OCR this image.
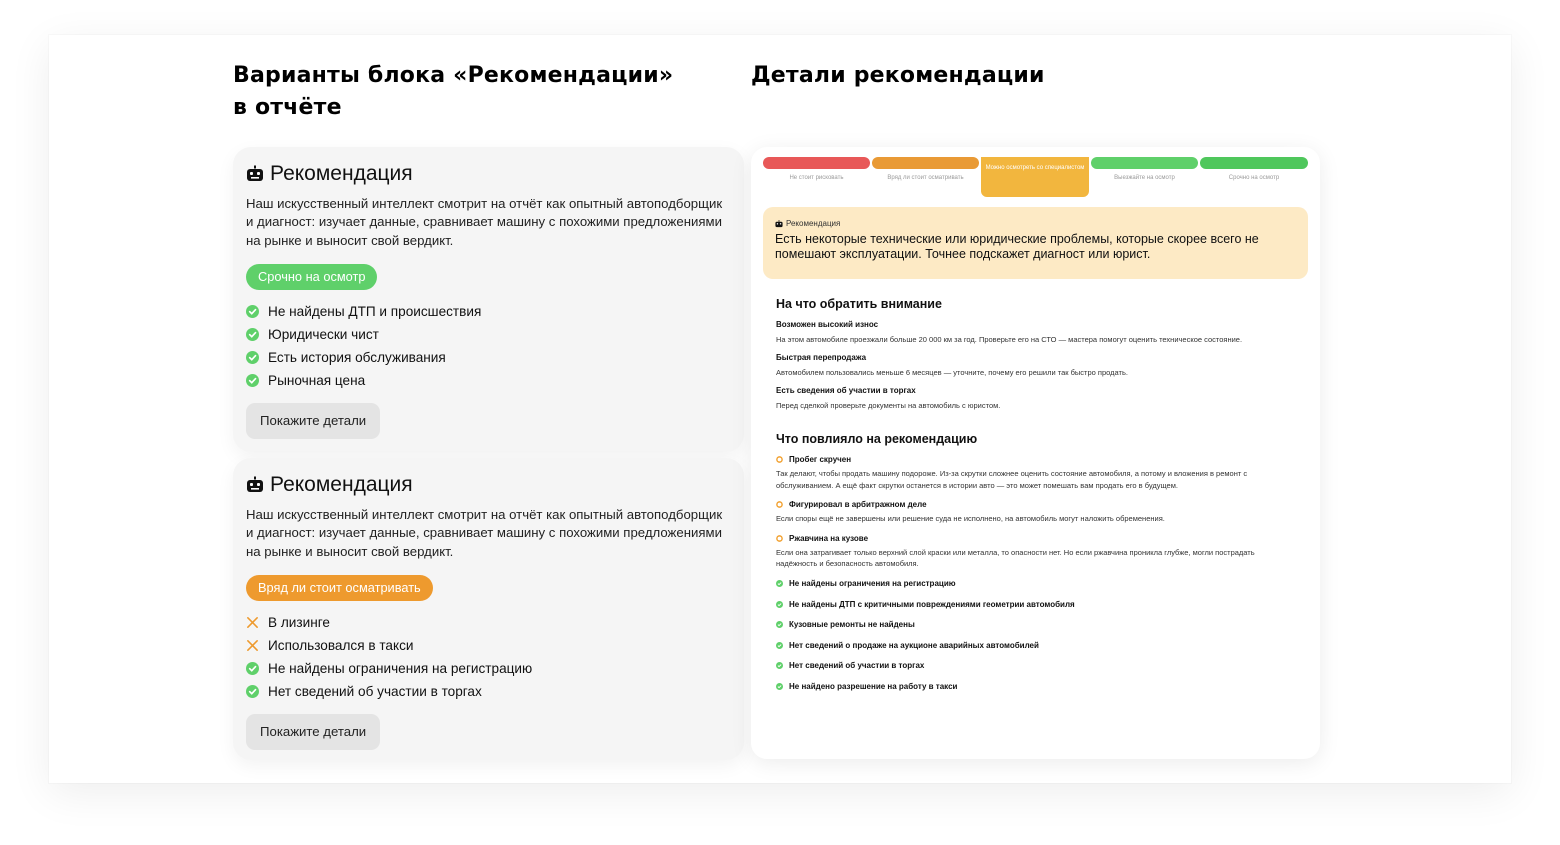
Варианты блока «Рекомендации»
в отчёте
Детали рекомендации
Рекомендация
Наш искусственный интеллект смотрит на отчёт как опытный автоподборщик и диагност: изучает данные, сравнивает машину с похожими предложениями на рынке и выносит свой вердикт.
Срочно на осмотр
Не найдены ДТП и происшествия
Юридически чист
Есть история обслуживания
Рыночная цена
Покажите детали
Рекомендация
Наш искусственный интеллект смотрит на отчёт как опытный автоподборщик и диагност: изучает данные, сравнивает машину с похожими предложениями на рынке и выносит свой вердикт.
Вряд ли стоит осматривать
В лизинге
Использовался в такси
Не найдены ограничения на регистрацию
Нет сведений об участии в торгах
Покажите детали
Не стоит рисковать	Вряд ли стоит осматривать
Можно осмотреть со специалистом
Выезжайте на осмотр	Срочно на осмотр
Рекомендация
Есть некоторые технические или юридические проблемы, которые скорее всего не помешают эксплуатации. Точнее подскажет диагност или юрист.
На что обратить внимание
Возможен высокий износ
На этом автомобиле проезжали больше 20 000 км за год. Проверьте его на СТО — мастера помогут оценить техническое состояние.
Быстрая перепродажа
Автомобилем пользовались меньше 6 месяцев — уточните, почему его решили так быстро продать.
Есть сведения об участии в торгах
Перед сделкой проверьте документы на автомобиль с юристом.
Что повлияло на рекомендацию
Пробег скручен
Так делают, чтобы продать машину подороже. Из-за скрутки сложнее оценить состояние автомобиля, а потому и вложения в ремонт с обслуживанием. А ещё факт скрутки останется в истории авто — это может помешать вам продать его в будущем.
Фигурировал в арбитражном деле
Если споры ещё не завершены или решение суда не исполнено, на автомобиль могут наложить обременения.
Ржавчина на кузове
Если она затрагивает только верхний слой краски или металла, то опасности нет. Но если ржавчина проникла глубже, могли пострадать надёжность и безопасность автомобиля.
Не найдены ограничения на регистрацию
Не найдены ДТП с критичными повреждениями геометрии автомобиля
Кузовные ремонты не найдены
Нет сведений о продаже на аукционе аварийных автомобилей
Нет сведений об участии в торгах
Не найдено разрешение на работу в такси
